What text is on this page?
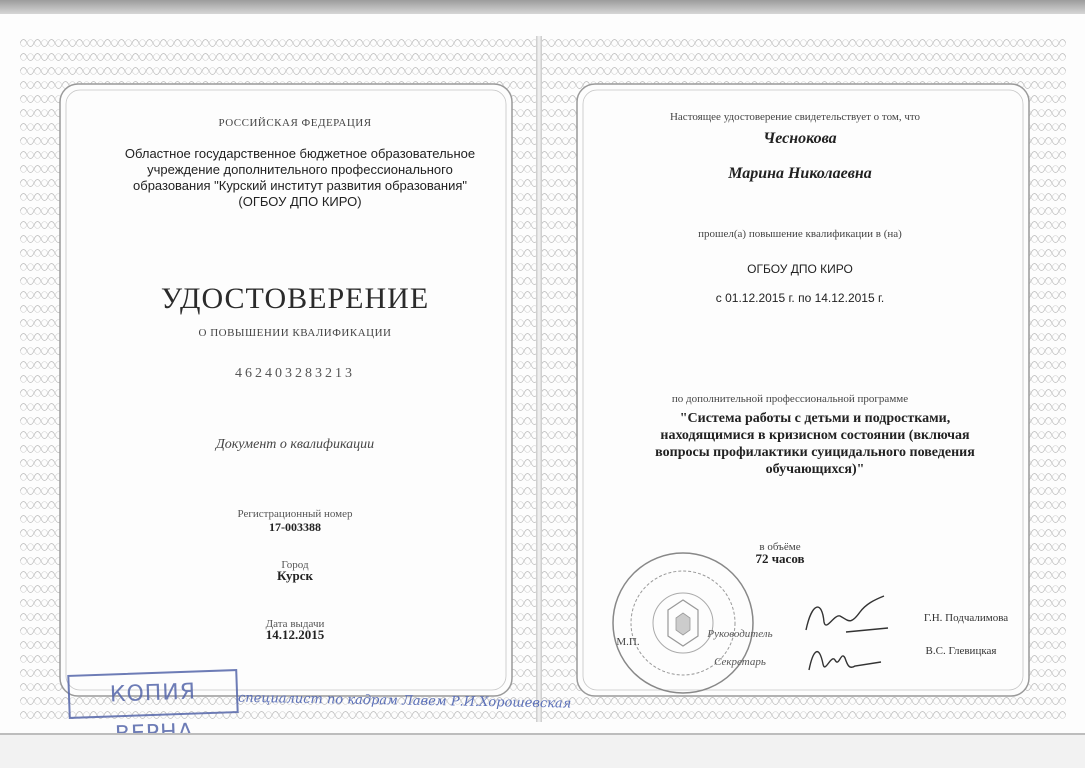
РОССИЙСКАЯ ФЕДЕРАЦИЯ
Областное государственное бюджетное образовательное
учреждение дополнительного профессионального
образования "Курский институт развития образования"
(ОГБОУ ДПО КИРО)
УДОСТОВЕРЕНИЕ
О ПОВЫШЕНИИ КВАЛИФИКАЦИИ
462403283213
Документ о квалификации
Регистрационный номер
17-003388
Город
Курск
Дата выдачи
14.12.2015
Настоящее удостоверение свидетельствует о том, что
Чеснокова
Марина Николаевна
прошел(а) повышение квалификации в (на)
ОГБОУ ДПО КИРО
с 01.12.2015 г. по 14.12.2015 г.
по дополнительной профессиональной программе
"Система работы с детьми и подростками,
находящимися в кризисном состоянии (включая
вопросы профилактики суицидального поведения
обучающихся)"
в объёме
72 часов
М.П.
Руководитель
Секретарь
Г.Н. Подчалимова
В.С. Глевицкая
КОПИЯ	специалист по кадрам Лавем Р.И.Хорошевская
